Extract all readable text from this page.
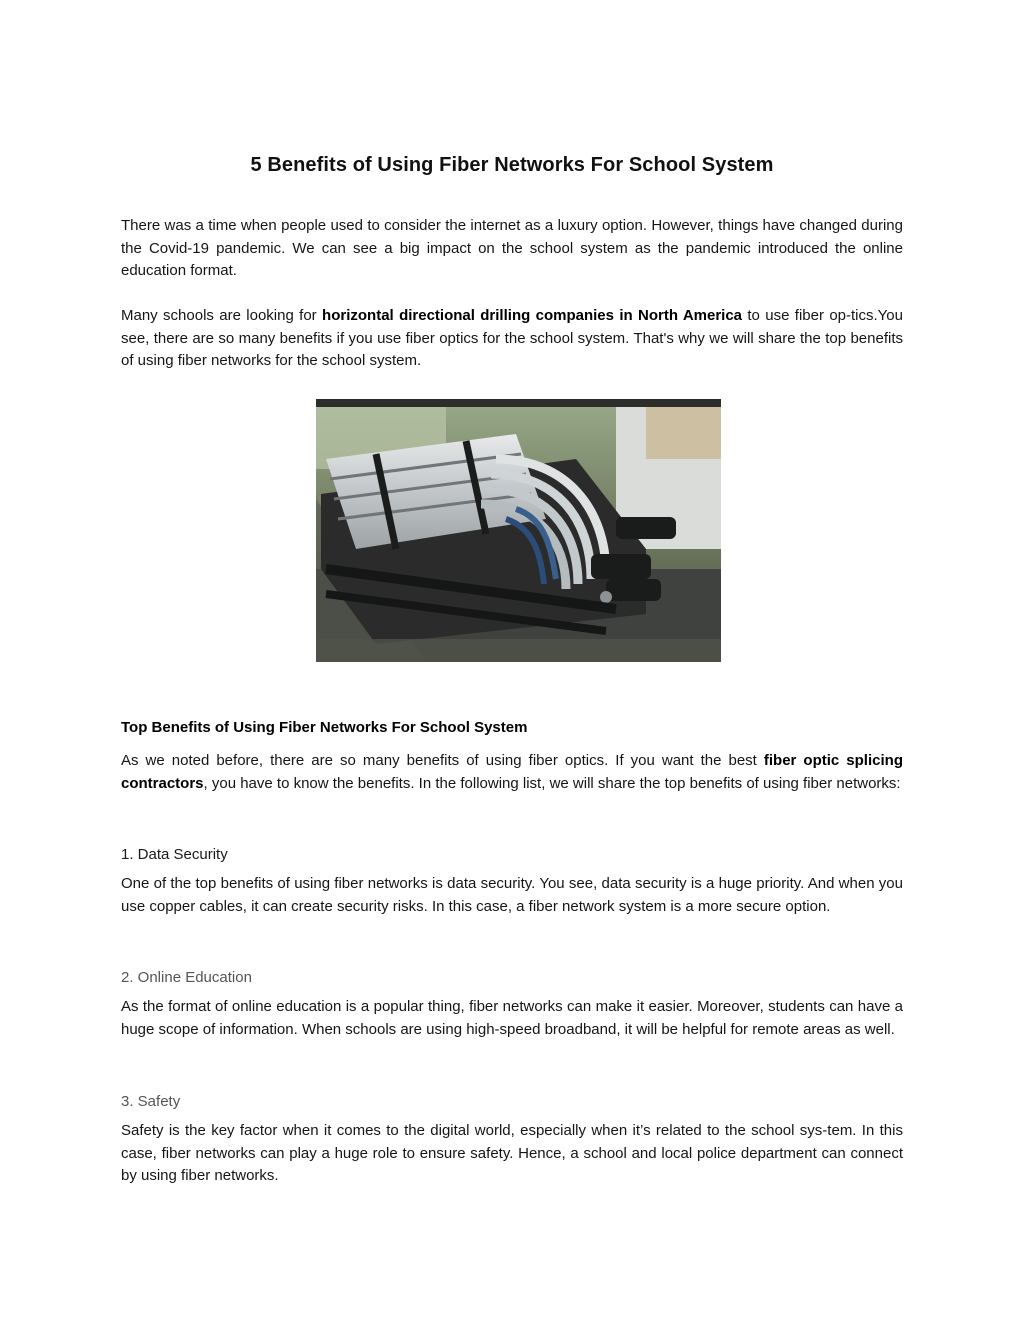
5 Benefits of Using Fiber Networks For School System

There was a time when people used to consider the internet as a luxury option. However, things have changed during the Covid-19 pandemic. We can see a big impact on the school system as the pandemic introduced the online education format.

Many schools are looking for horizontal directional drilling companies in North America to use fiber op-tics.You see, there are so many benefits if you use fiber optics for the school system. That's why we will share the top benefits of using fiber networks for the school system.

Top Benefits of Using Fiber Networks For School System

As we noted before, there are so many benefits of using fiber optics. If you want the best fiber optic splicing contractors, you have to know the benefits. In the following list, we will share the top benefits of using fiber networks:

1. Data Security

One of the top benefits of using fiber networks is data security. You see, data security is a huge priority. And when you use copper cables, it can create security risks. In this case, a fiber network system is a more secure option.

2. Online Education

As the format of online education is a popular thing, fiber networks can make it easier. Moreover, students can have a huge scope of information. When schools are using high-speed broadband, it will be helpful for remote areas as well.

3. Safety

Safety is the key factor when it comes to the digital world, especially when it’s related to the school sys-tem. In this case, fiber networks can play a huge role to ensure safety. Hence, a school and local police department can connect by using fiber networks.
